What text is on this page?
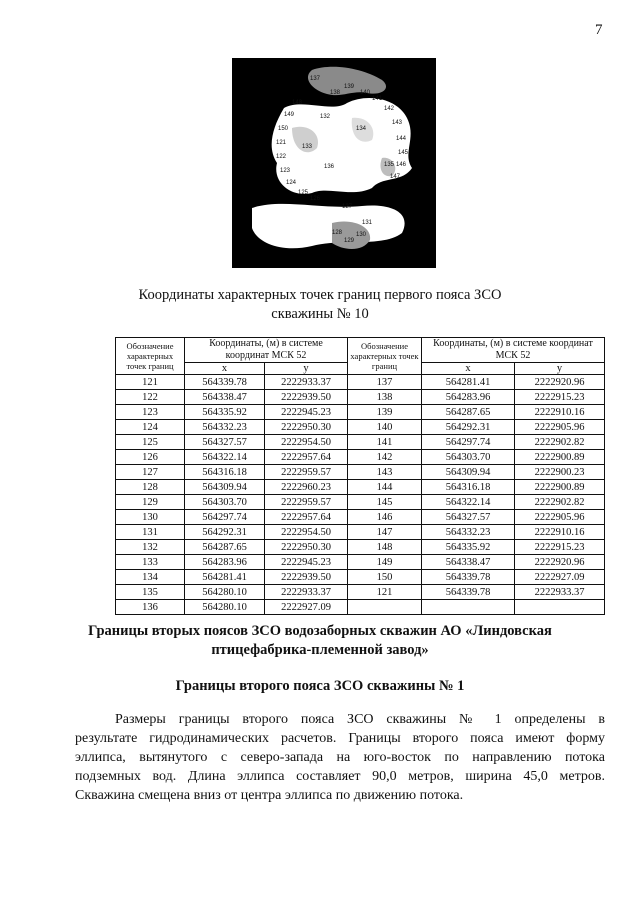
7
137
138
139
140
141
142
143
144
145
146
147
148
149
150
121
122
123
124
125
126
127
128
129
130
131
132
133
134
135
136
Координаты характерных точек границ первого пояса ЗСО
скважины № 10
Обозначение характерных точек границ	Координаты, (м) в системе координат МСК 52		Обозначение характерных точек границ	Координаты, (м) в системе координат МСК 52	
	x	y		x	y
121	564339.78	2222933.37	137	564281.41	2222920.96
122	564338.47	2222939.50	138	564283.96	2222915.23
123	564335.92	2222945.23	139	564287.65	2222910.16
124	564332.23	2222950.30	140	564292.31	2222905.96
125	564327.57	2222954.50	141	564297.74	2222902.82
126	564322.14	2222957.64	142	564303.70	2222900.89
127	564316.18	2222959.57	143	564309.94	2222900.23
128	564309.94	2222960.23	144	564316.18	2222900.89
129	564303.70	2222959.57	145	564322.14	2222902.82
130	564297.74	2222957.64	146	564327.57	2222905.96
131	564292.31	2222954.50	147	564332.23	2222910.16
132	564287.65	2222950.30	148	564335.92	2222915.23
133	564283.96	2222945.23	149	564338.47	2222920.96
134	564281.41	2222939.50	150	564339.78	2222927.09
135	564280.10	2222933.37	121	564339.78	2222933.37
136	564280.10	2222927.09			
Границы вторых поясов ЗСО водозаборных скважин АО «Линдовская
птицефабрика-племенной завод»
Границы второго пояса ЗСО скважины № 1
Размеры границы второго пояса ЗСО скважины № 1 определены в
результате гидродинамических расчетов. Границы второго пояса имеют форму
эллипса, вытянутого с северо-запада на юго-восток по направлению потока
подземных вод. Длина эллипса составляет 90,0 метров, ширина 45,0 метров.
Скважина смещена вниз от центра эллипса по движению потока.
